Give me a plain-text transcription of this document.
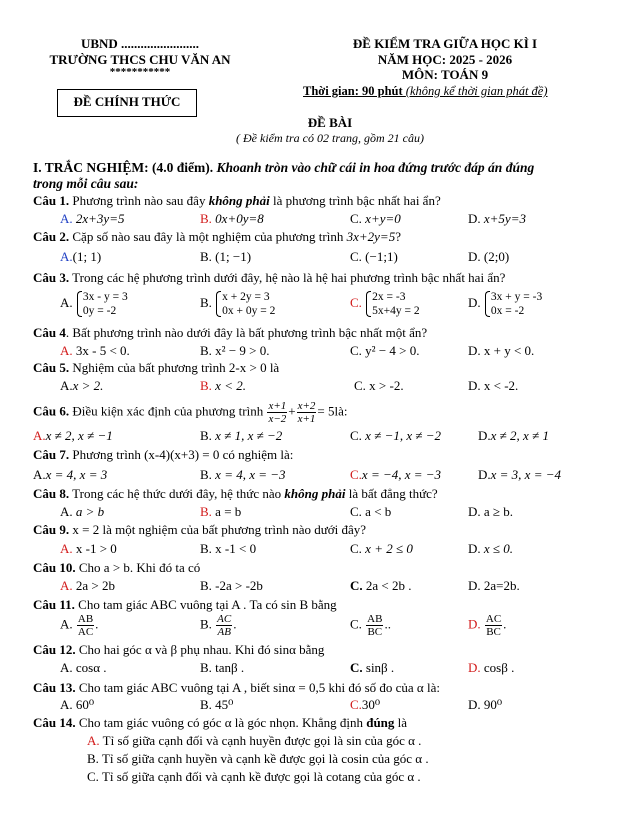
UBND ........................
TRƯỜNG THCS CHU VĂN AN
***********
ĐỀ KIỂM TRA GIỮA HỌC KÌ I
NĂM HỌC: 2025 - 2026
MÔN: TOÁN 9
Thời gian: 90 phút (không kể thời gian phát đề)
ĐỀ CHÍNH THỨC
ĐỀ BÀI
( Đề kiểm tra có 02 trang, gồm 21 câu)
I. TRẮC NGHIỆM: (4.0 điểm). Khoanh tròn vào chữ cái in hoa đứng trước đáp án đúng
trong mỗi câu sau:
Câu 1. Phương trình nào sau đây không phải là phương trình bậc nhất hai ẩn?
A. 2x+3y=5	B. 0x+0y=8	C. x+y=0	D. x+5y=3
Câu 2. Cặp số nào sau đây là một nghiệm của phương trình 3x+2y=5?
A.(1; 1)	B. (1; −1)	C. (−1;1)	D. (2;0)
Câu 3. Trong các hệ phương trình dưới đây, hệ nào là hệ hai phương trình bậc nhất hai ẩn?
A. 3x - y = 3
0y = -2
B. x + 2y = 3
0x + 0y = 2
C. 2x = -3
5x+4y = 2
D. 3x + y = -3
0x = -2
Câu 4. Bất phương trình nào dưới đây là bất phương trình bậc nhất một ẩn?
A. 3x - 5 < 0.	B. x² − 9 > 0.	C. y² − 4 > 0.	D. x + y < 0.
Câu 5. Nghiệm của bất phương trình 2-x > 0 là
A.x > 2.	B. x < 2.	C. x > -2.	D. x < -2.
Câu 6. Điều kiện xác định của phương trình $\frac{x+1}{x-2} + \frac{x+2}{x+1}$ = 5là:
A.x ≠ 2, x ≠ −1	B. x ≠ 1, x ≠ −2	C. x ≠ −1, x ≠ −2	D.x ≠ 2, x ≠ 1
Câu 7. Phương trình (x-4)(x+3) = 0 có nghiệm là:
A.x = 4, x = 3	B. x = 4, x = −3	C.x = −4, x = −3	D.x = 3, x = −4
Câu 8. Trong các hệ thức dưới đây, hệ thức nào không phải là bất đẳng thức?
A. a > b	B. a = b	C. a < b	D. a ≥ b.
Câu 9. x = 2 là một nghiệm của bất phương trình nào dưới đây?
A. x -1 > 0	B. x -1 < 0	C. x + 2 ≤ 0	D. x ≤ 0.
Câu 10. Cho a > b. Khi đó ta có
A. 2a > 2b	B. -2a > -2b	C. 2a < 2b .	D. 2a=2b.
Câu 11. Cho tam giác ABC vuông tại A . Ta có sin B bằng
A. $\frac{AB}{AC}$ .	B. $\frac{AC}{AB}$ .	C. $\frac{AB}{BC}$ ..	D. $\frac{AC}{BC}$ .
Câu 12. Cho hai góc α và β phụ nhau. Khi đó sinα bằng
A. cosα .	B. tanβ .	C. sinβ .	D. cosβ .
Câu 13. Cho tam giác ABC vuông tại A , biết sinα = 0,5 khi đó số đo của α là:
A. 60⁰	B. 45⁰	C.30⁰	D. 90⁰
Câu 14. Cho tam giác vuông có góc α là góc nhọn. Khẳng định đúng là
A. Tỉ số giữa cạnh đối và cạnh huyền được gọi là sin của góc α .
B. Tỉ số giữa cạnh huyền và cạnh kề được gọi là cosin của góc α .
C. Tỉ số giữa cạnh đối và cạnh kề được gọi là cotang của góc α .
